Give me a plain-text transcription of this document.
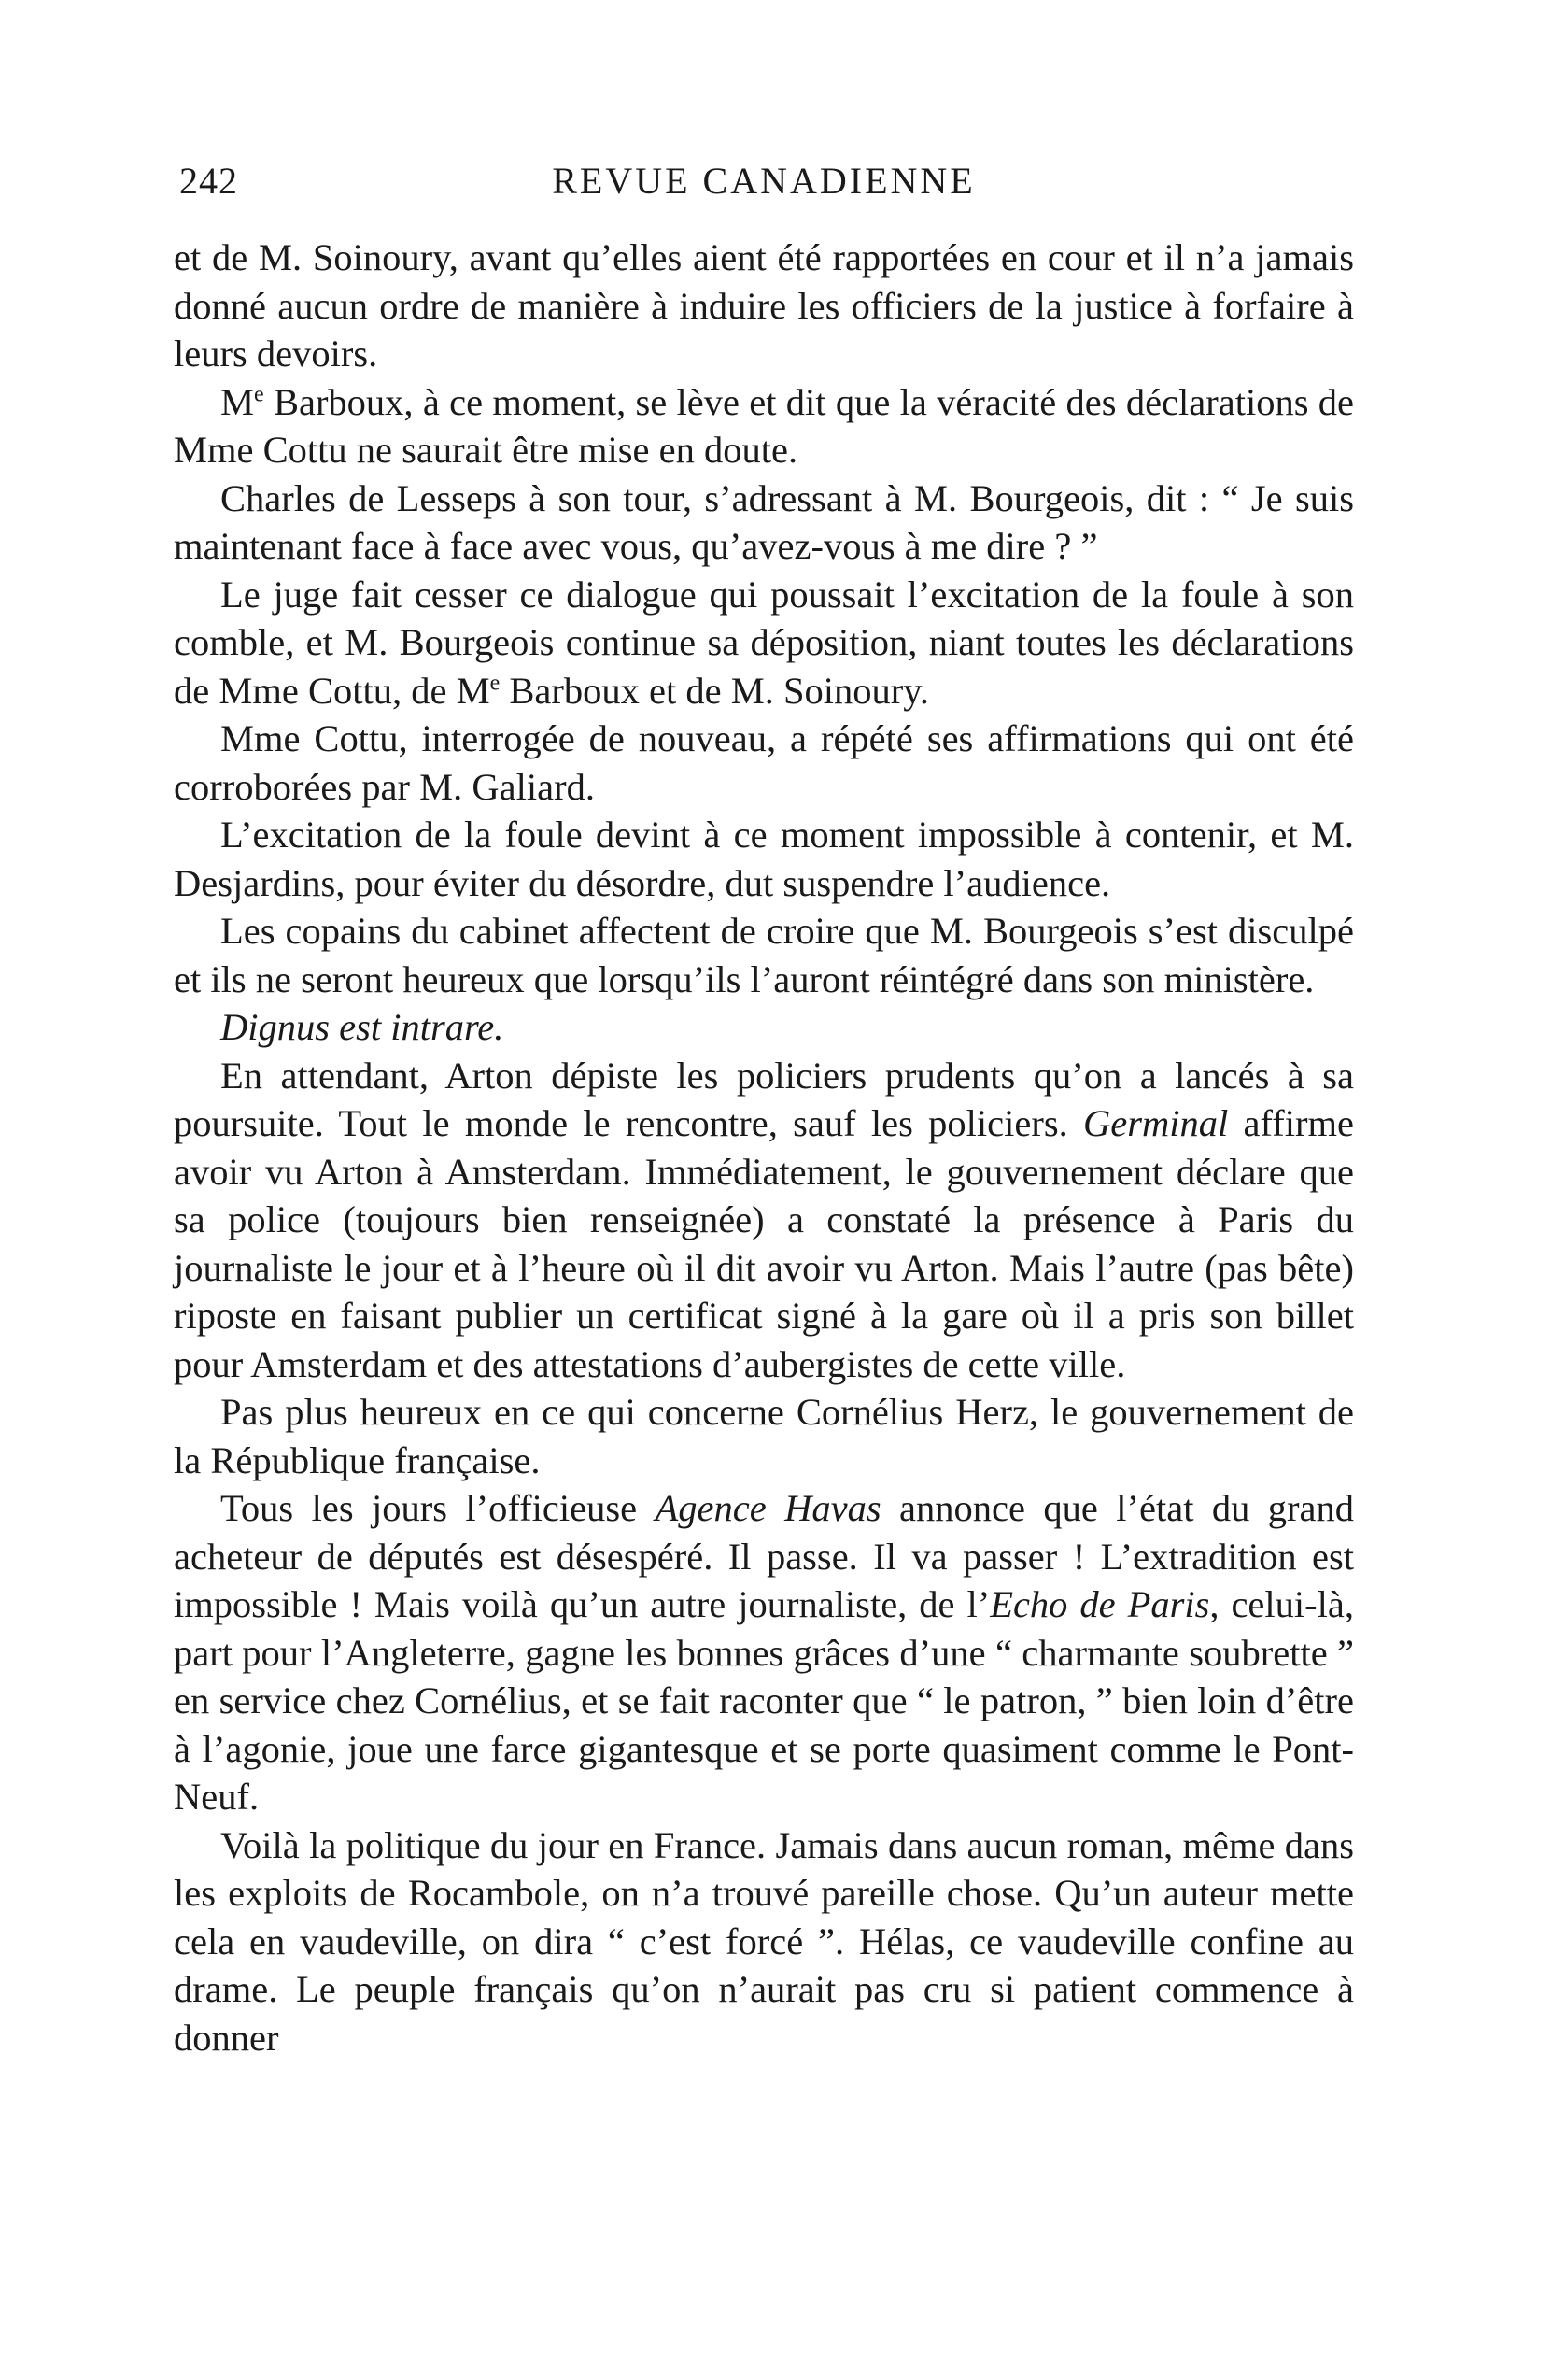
242	REVUE CANADIENNE

et de M. Soinoury, avant qu’elles aient été rapportées en cour et il n’a jamais donné aucun ordre de manière à induire les officiers de la justice à forfaire à leurs devoirs.

Me Barboux, à ce moment, se lève et dit que la véracité des déclarations de Mme Cottu ne saurait être mise en doute.

Charles de Lesseps à son tour, s’adressant à M. Bourgeois, dit : “ Je suis maintenant face à face avec vous, qu’avez-vous à me dire ? ”

Le juge fait cesser ce dialogue qui poussait l’excitation de la foule à son comble, et M. Bourgeois continue sa déposition, niant toutes les déclarations de Mme Cottu, de Me Barboux et de M. Soinoury.

Mme Cottu, interrogée de nouveau, a répété ses affirmations qui ont été corroborées par M. Galiard.

L’excitation de la foule devint à ce moment impossible à contenir, et M. Desjardins, pour éviter du désordre, dut suspendre l’audience.

Les copains du cabinet affectent de croire que M. Bourgeois s’est disculpé et ils ne seront heureux que lorsqu’ils l’auront réintégré dans son ministère.

Dignus est intrare.

En attendant, Arton dépiste les policiers prudents qu’on a lancés à sa poursuite. Tout le monde le rencontre, sauf les policiers. Germinal affirme avoir vu Arton à Amsterdam. Immédiatement, le gouvernement déclare que sa police (toujours bien renseignée) a constaté la présence à Paris du journaliste le jour et à l’heure où il dit avoir vu Arton. Mais l’autre (pas bête) riposte en faisant publier un certificat signé à la gare où il a pris son billet pour Amsterdam et des attestations d’aubergistes de cette ville.

Pas plus heureux en ce qui concerne Cornélius Herz, le gouvernement de la République française.

Tous les jours l’officieuse Agence Havas annonce que l’état du grand acheteur de députés est désespéré. Il passe. Il va passer ! L’extradition est impossible ! Mais voilà qu’un autre journaliste, de l’Echo de Paris, celui-là, part pour l’Angleterre, gagne les bonnes grâces d’une “ charmante soubrette ” en service chez Cornélius, et se fait raconter que “ le patron, ” bien loin d’être à l’agonie, joue une farce gigantesque et se porte quasiment comme le Pont-Neuf.

Voilà la politique du jour en France. Jamais dans aucun roman, même dans les exploits de Rocambole, on n’a trouvé pareille chose. Qu’un auteur mette cela en vaudeville, on dira “ c’est forcé ”. Hélas, ce vaudeville confine au drame. Le peuple français qu’on n’aurait pas cru si patient commence à donner
